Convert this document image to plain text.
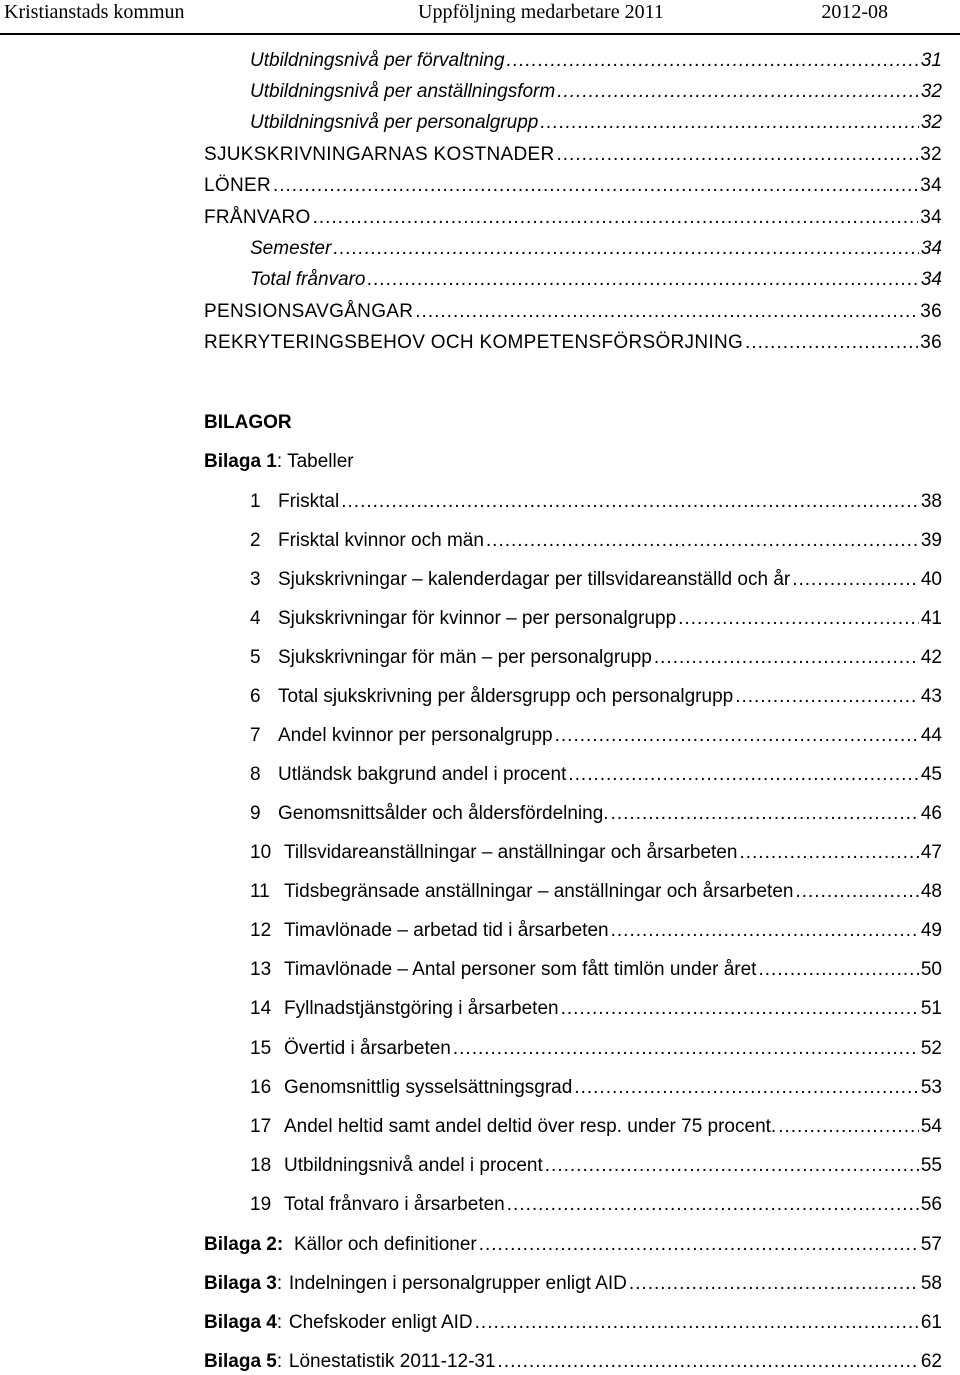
Kristianstads kommun	Uppföljning medarbetare 2011	2012-08
Utbildningsnivå per förvaltning .....	31
Utbildningsnivå per anställningsform .....	32
Utbildningsnivå per personalgrupp .....	32
SJUKSKRIVNINGARNAS KOSTNADER .....	32
LÖNER .....	34
FRÅNVARO .....	34
Semester .....	34
Total frånvaro .....	34
PENSIONSAVGÅNGAR .....	36
REKRYTERINGSBEHOV OCH KOMPETENSFÖRSÖRJNING .....	36
BILAGOR
Bilaga 1: Tabeller
1 Frisktal .....	38
2 Frisktal kvinnor och män .....	39
3 Sjukskrivningar – kalenderdagar per tillsvidareanställd och år .....	40
4 Sjukskrivningar för kvinnor – per personalgrupp .....	41
5 Sjukskrivningar för män – per personalgrupp .....	42
6 Total sjukskrivning per åldersgrupp och personalgrupp .....	43
7 Andel kvinnor per personalgrupp .....	44
8 Utländsk bakgrund andel i procent .....	45
9 Genomsnittsålder och åldersfördelning. .....	46
10 Tillsvidareanställningar – anställningar och årsarbeten .....	47
11 Tidsbegränsade anställningar – anställningar och årsarbeten .....	48
12 Timavlönade – arbetad tid i årsarbeten .....	49
13 Timavlönade – Antal personer som fått timlön under året .....	50
14 Fyllnadstjänstgöring i årsarbeten .....	51
15 Övertid i årsarbeten .....	52
16 Genomsnittlig sysselsättningsgrad .....	53
17 Andel heltid samt andel deltid över resp. under 75 procent. .....	54
18 Utbildningsnivå andel i procent .....	55
19 Total frånvaro i årsarbeten .....	56
Bilaga 2: Källor och definitioner .....	57
Bilaga 3: Indelningen i personalgrupper enligt AID .....	58
Bilaga 4: Chefskoder enligt AID .....	61
Bilaga 5: Lönestatistik 2011-12-31 .....	62
